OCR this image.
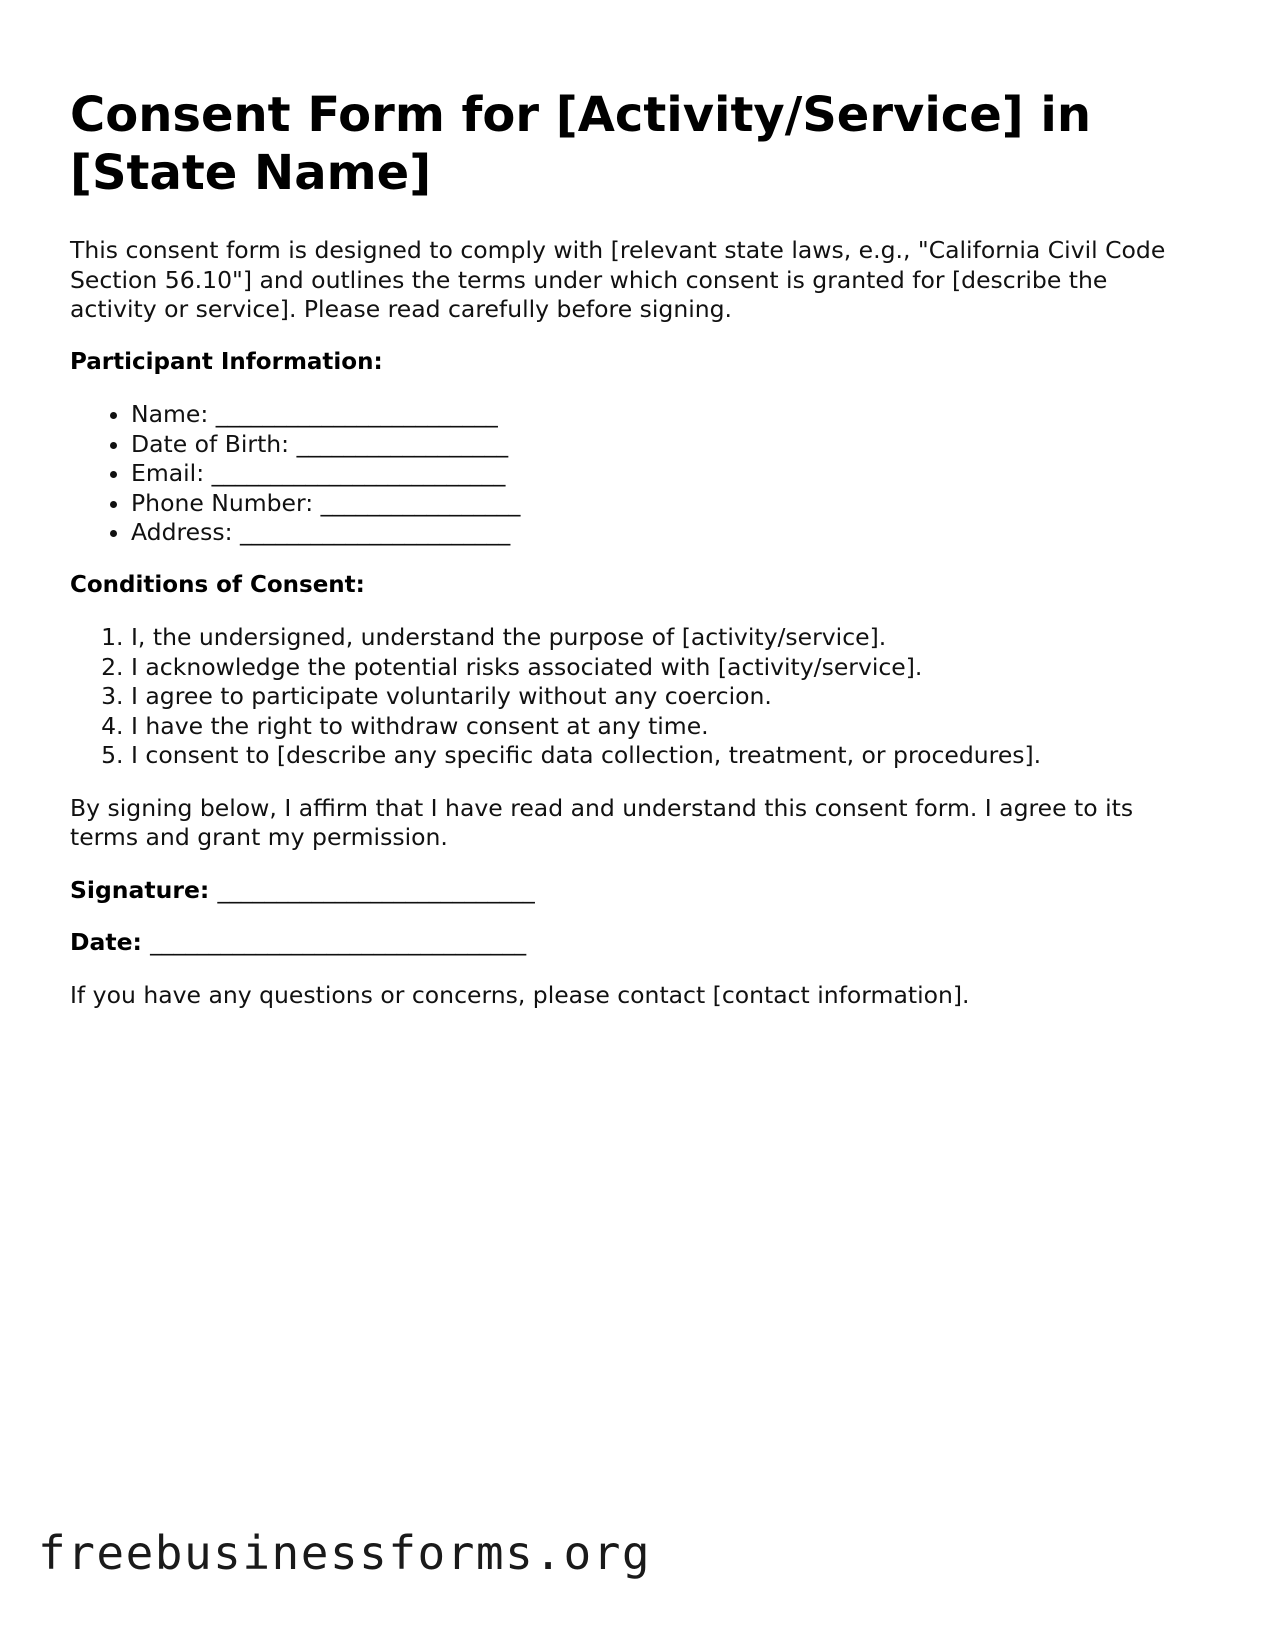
Consent Form for [Activity/Service] in [State Name]

This consent form is designed to comply with [relevant state laws, e.g., "California Civil Code Section 56.10"] and outlines the terms under which consent is granted for [describe the activity or service]. Please read carefully before signing.

Participant Information:
• Name: ________________________
• Date of Birth: __________________
• Email: _________________________
• Phone Number: _________________
• Address: _______________________
Conditions of Consent:
1. I, the undersigned, understand the purpose of [activity/service].
2. I acknowledge the potential risks associated with [activity/service].
3. I agree to participate voluntarily without any coercion.
4. I have the right to withdraw consent at any time.
5. I consent to [describe any specific data collection, treatment, or procedures].

By signing below, I affirm that I have read and understand this consent form. I agree to its terms and grant my permission.

Signature: ___________________________
Date: ________________________________

If you have any questions or concerns, please contact [contact information].

freebusinessforms.org
